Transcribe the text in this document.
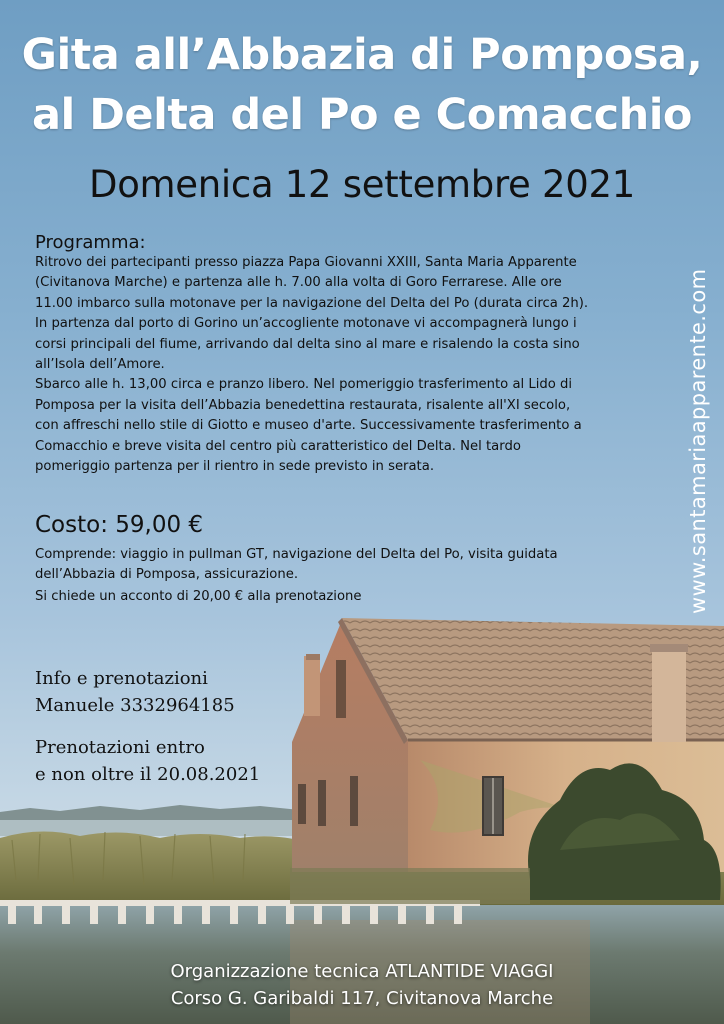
Gita all’Abbazia di Pomposa,
al Delta del Po e Comacchio
Domenica 12 settembre 2021
www.santamariaapparente.com
Programma:
Ritrovo dei partecipanti presso piazza Papa Giovanni XXIII, Santa Maria Apparente
(Civitanova Marche) e partenza alle h. 7.00 alla volta di Goro Ferrarese. Alle ore
11.00 imbarco sulla motonave per la navigazione del Delta del Po (durata circa 2h).
In partenza dal porto di Gorino un’accogliente motonave vi accompagnerà lungo i
corsi principali del fiume, arrivando dal delta sino al mare e risalendo la costa sino
all’Isola dell’Amore.
Sbarco alle h. 13,00 circa e pranzo libero. Nel pomeriggio trasferimento al Lido di
Pomposa per la visita dell’Abbazia benedettina restaurata, risalente all'XI secolo,
con affreschi nello stile di Giotto e museo d'arte. Successivamente trasferimento a
Comacchio e breve visita del centro più caratteristico del Delta. Nel tardo
pomeriggio partenza per il rientro in sede previsto in serata.
Costo: 59,00 €
Comprende: viaggio in pullman GT, navigazione del Delta del Po, visita guidata
dell’Abbazia di Pomposa, assicurazione.
Si chiede un acconto di 20,00 € alla prenotazione
Info e prenotazioni
Manuele 3332964185
Prenotazioni entro
e non oltre il 20.08.2021
Organizzazione tecnica ATLANTIDE VIAGGI
Corso G. Garibaldi 117, Civitanova Marche
